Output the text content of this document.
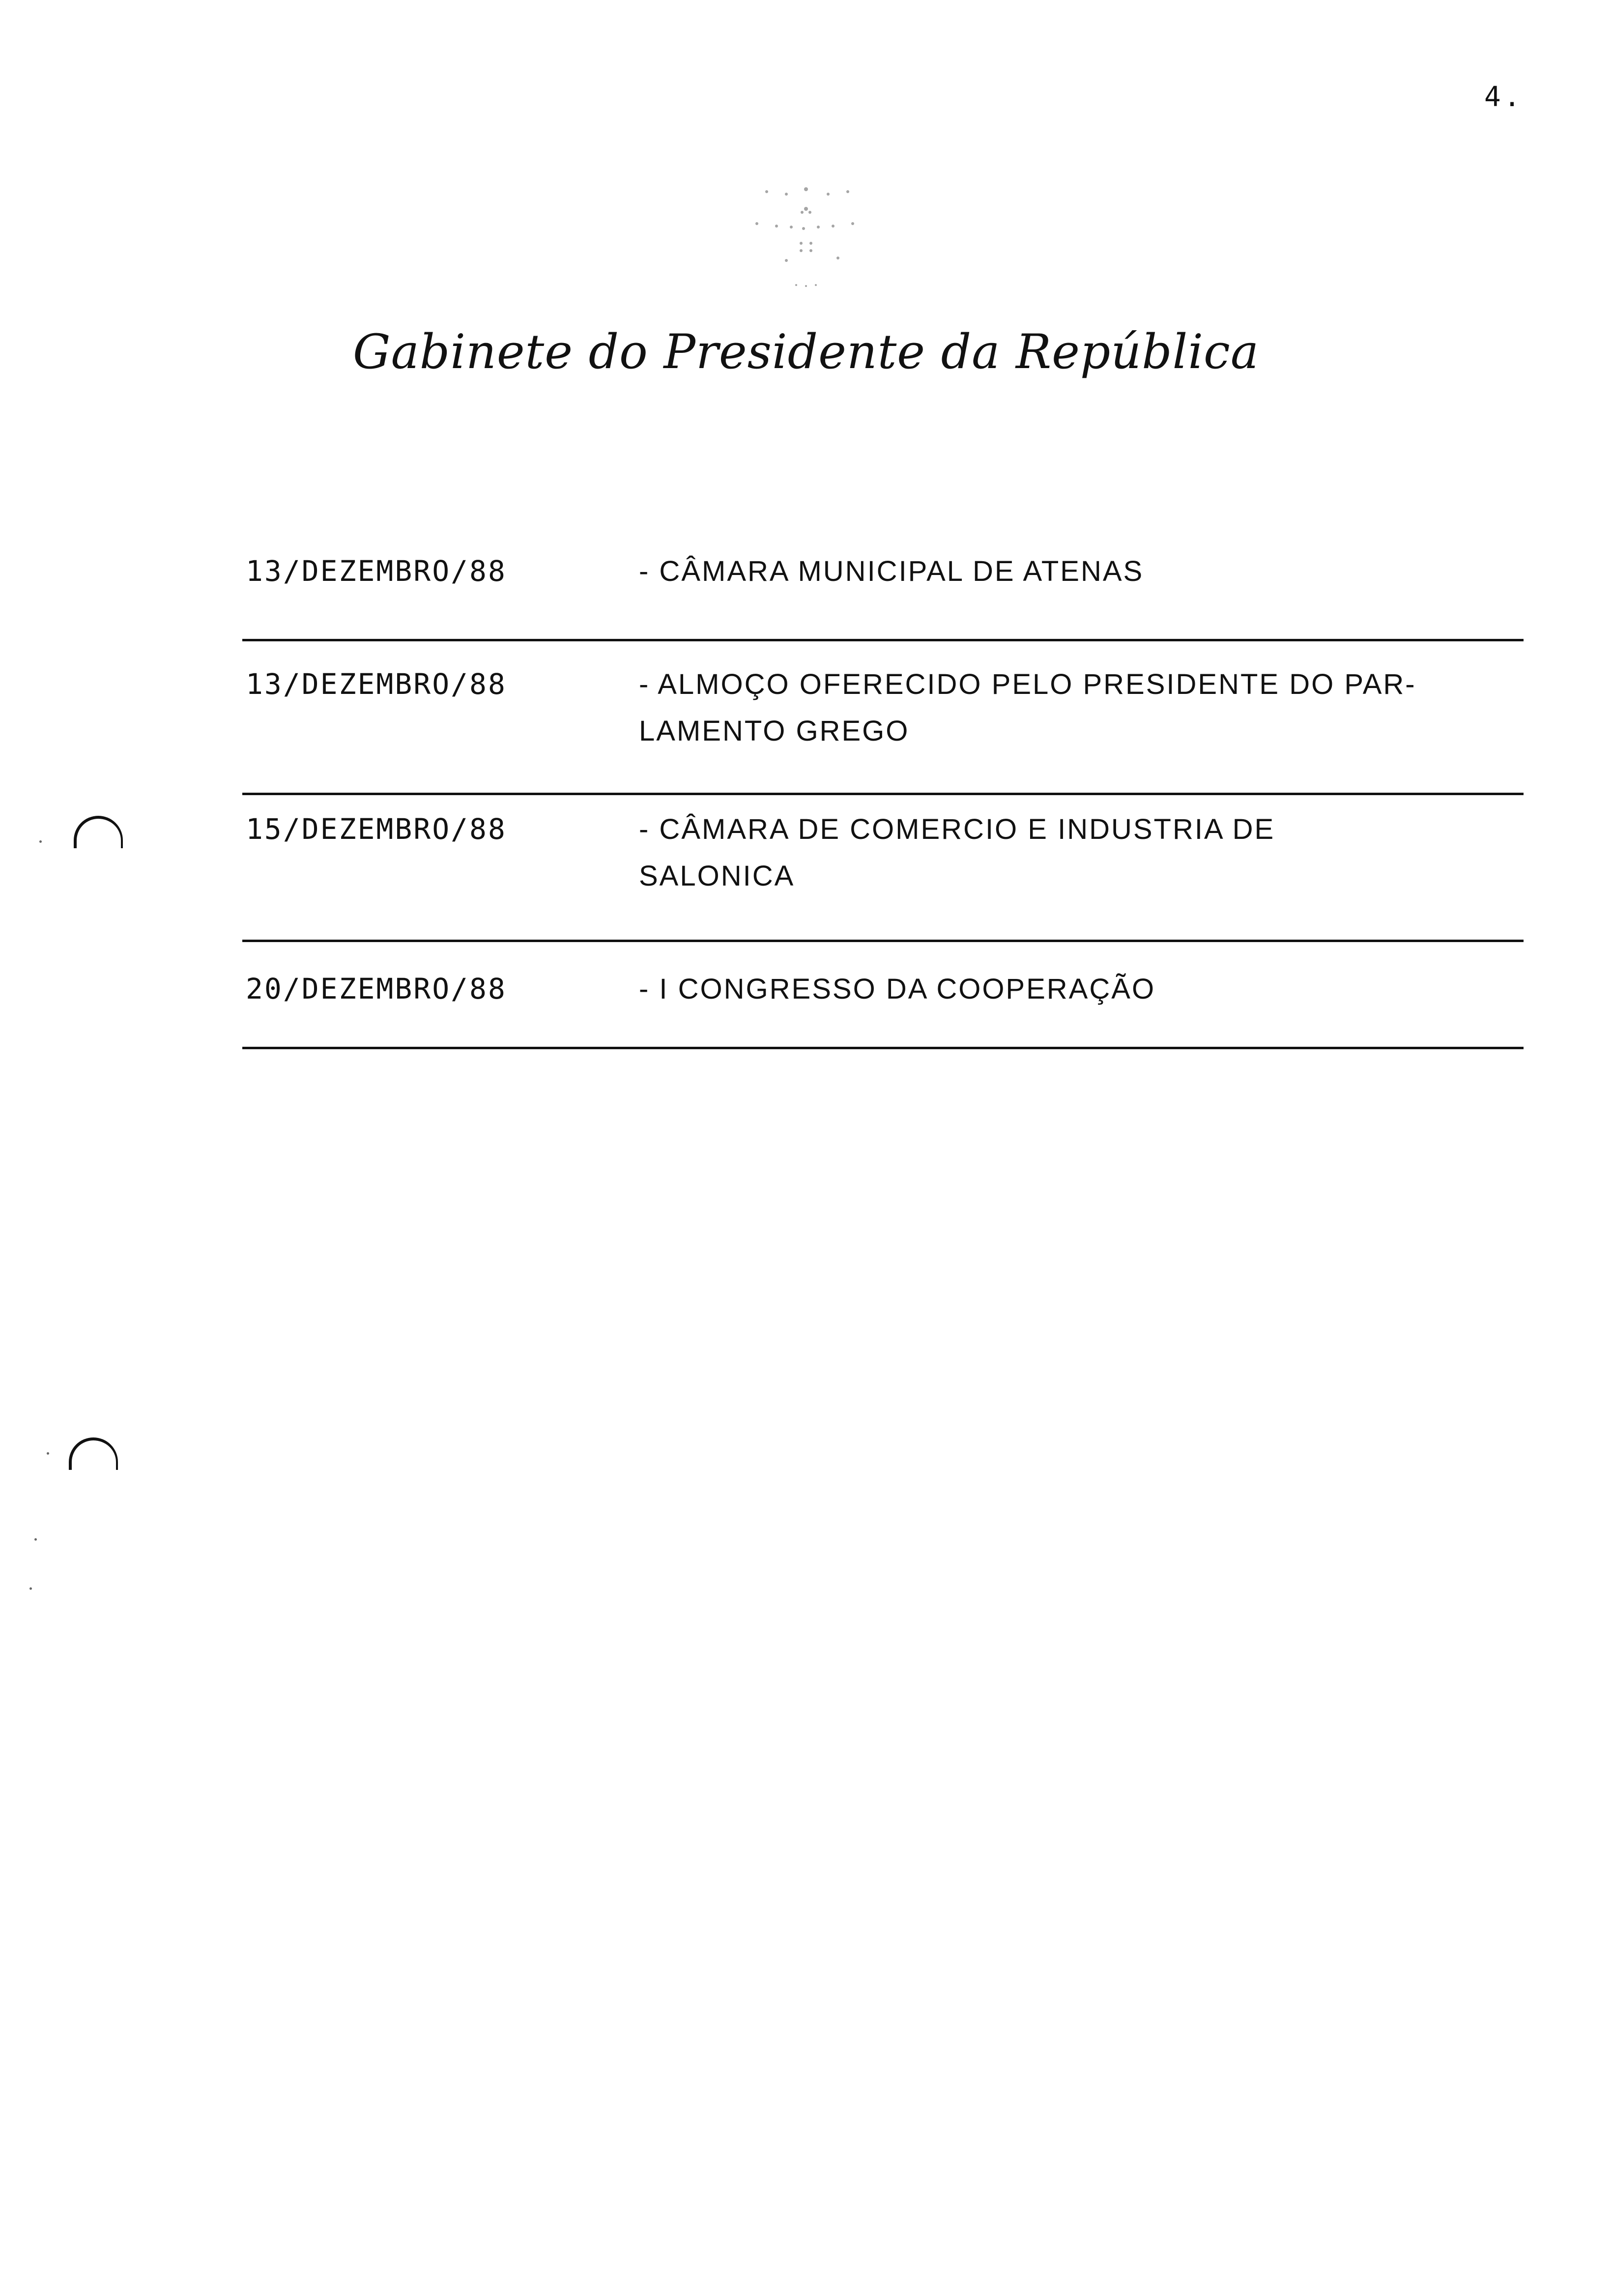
4.
Gabinete do Presidente da República
13/DEZEMBRO/88	- CÂMARA MUNICIPAL DE ATENAS
13/DEZEMBRO/88	- ALMOÇO OFERECIDO PELO PRESIDENTE DO PAR-
LAMENTO GREGO
15/DEZEMBRO/88	- CÂMARA DE COMERCIO E INDUSTRIA DE
SALONICA
20/DEZEMBRO/88	- I CONGRESSO DA COOPERAÇÃO
